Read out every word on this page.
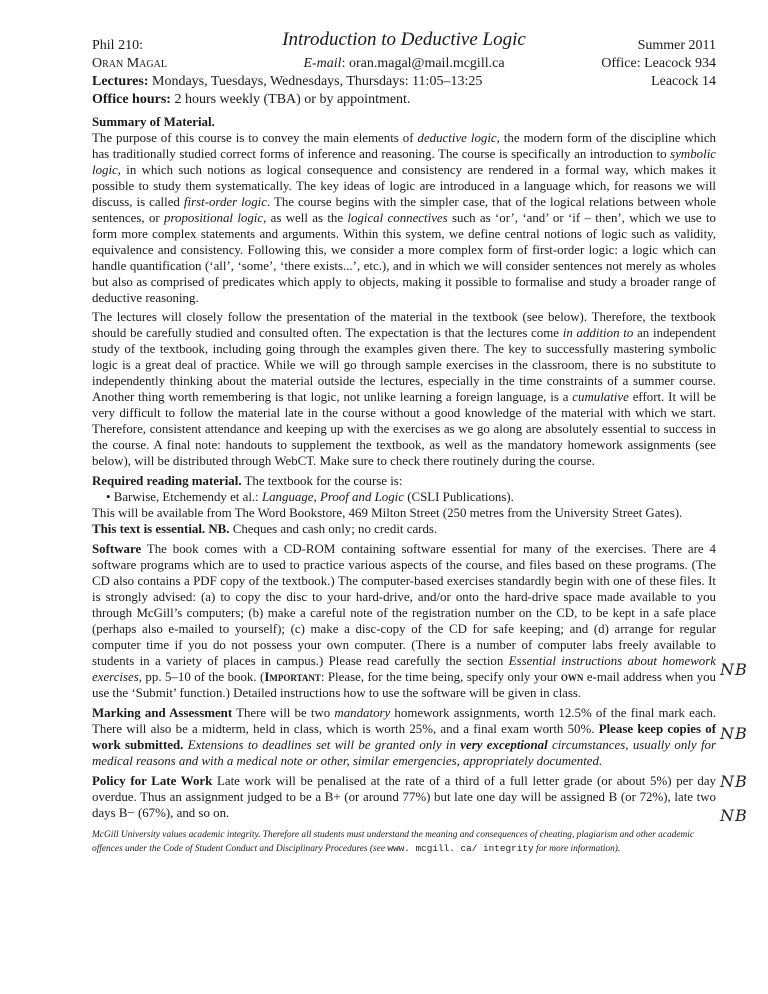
Phil 210:	Introduction to Deductive Logic	Summer 2011
Oran Magal	E-mail: oran.magal@mail.mcgill.ca	Office: Leacock 934
Lectures: Mondays, Tuesdays, Wednesdays, Thursdays: 11:05–13:25	Leacock 14
Office hours: 2 hours weekly (TBA) or by appointment.

Summary of Material.

The purpose of this course is to convey the main elements of deductive logic, the modern form of the discipline which has traditionally studied correct forms of inference and reasoning. The course is specifically an introduction to symbolic logic, in which such notions as logical consequence and consistency are rendered in a formal way, which makes it possible to study them systematically. The key ideas of logic are introduced in a language which, for reasons we will discuss, is called first-order logic. The course begins with the simpler case, that of the logical relations between whole sentences, or propositional logic, as well as the logical connectives such as ‘or’, ‘and’ or ‘if – then’, which we use to form more complex statements and arguments. Within this system, we define central notions of logic such as validity, equivalence and consistency. Following this, we consider a more complex form of first-order logic: a logic which can handle quantification (‘all’, ‘some’, ‘there exists...’, etc.), and in which we will consider sentences not merely as wholes but also as comprised of predicates which apply to objects, making it possible to formalise and study a broader range of deductive reasoning.

The lectures will closely follow the presentation of the material in the textbook (see below). Therefore, the textbook should be carefully studied and consulted often. The expectation is that the lectures come in addition to an independent study of the textbook, including going through the examples given there. The key to successfully mastering symbolic logic is a great deal of practice. While we will go through sample exercises in the classroom, there is no substitute to independently thinking about the material outside the lectures, especially in the time constraints of a summer course. Another thing worth remembering is that logic, not unlike learning a foreign language, is a cumulative effort. It will be very difficult to follow the material late in the course without a good knowledge of the material with which we start. Therefore, consistent attendance and keeping up with the exercises as we go along are absolutely essential to success in the course. A final note: handouts to supplement the textbook, as well as the mandatory homework assignments (see below), will be distributed through WebCT. Make sure to check there routinely during the course.

Required reading material. The textbook for the course is:

• Barwise, Etchemendy et al.: Language, Proof and Logic (CSLI Publications).

This will be available from The Word Bookstore, 469 Milton Street (250 metres from the University Street Gates).

This text is essential. NB. Cheques and cash only; no credit cards.

Software The book comes with a CD-ROM containing software essential for many of the exercises. There are 4 software programs which are to used to practice various aspects of the course, and files based on these programs. (The CD also contains a PDF copy of the textbook.) The computer-based exercises standardly begin with one of these files. It is strongly advised: (a) to copy the disc to your hard-drive, and/or onto the hard-drive space made available to you through McGill’s computers; (b) make a careful note of the registration number on the CD, to be kept in a safe place (perhaps also e-mailed to yourself); (c) make a disc-copy of the CD for safe keeping; and (d) arrange for regular computer time if you do not possess your own computer. (There is a number of computer labs freely available to students in a variety of places in campus.) Please read carefully the section Essential instructions about homework exercises, pp. 5–10 of the book. (Important: Please, for the time being, specify only your own e-mail address when you use the ‘Submit’ function.) Detailed instructions how to use the software will be given in class.

Marking and Assessment There will be two mandatory homework assignments, worth 12.5% of the final mark each. There will also be a midterm, held in class, which is worth 25%, and a final exam worth 50%. Please keep copies of work submitted. Extensions to deadlines set will be granted only in very exceptional circumstances, usually only for medical reasons and with a medical note or other, similar emergencies, appropriately documented.

Policy for Late Work Late work will be penalised at the rate of a third of a full letter grade (or about 5%) per day overdue. Thus an assignment judged to be a B+ (or around 77%) but late one day will be assigned B (or 72%), late two days B− (67%), and so on.

McGill University values academic integrity. Therefore all students must understand the meaning and consequences of cheating, plagiarism and other academic offences under the Code of Student Conduct and Disciplinary Procedures (see www. mcgill. ca/ integrity for more information).
NB
NB
NB
NB
